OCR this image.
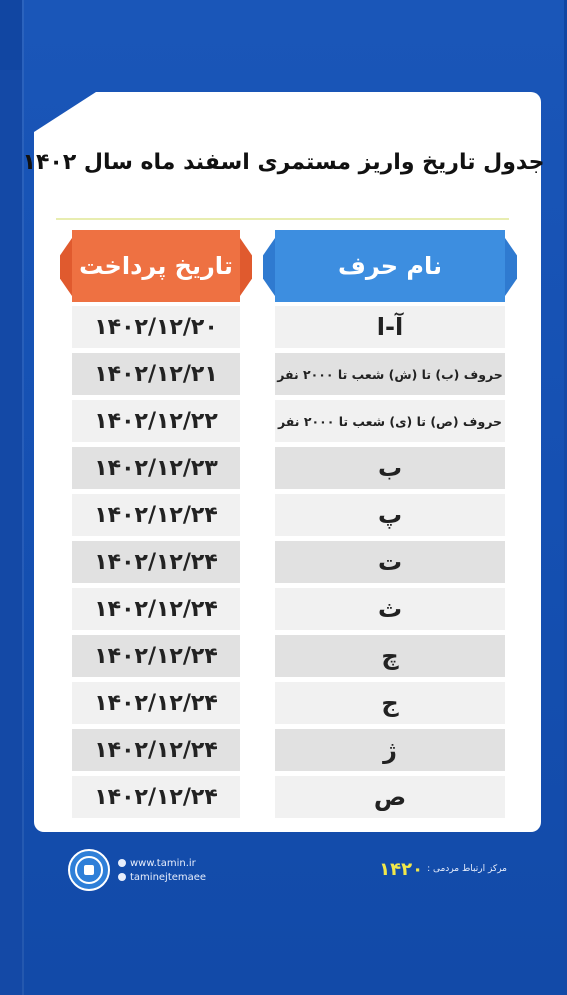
جدول تاریخ واریز مستمری اسفند ماه سال ۱۴۰۲
تاریخ پرداخت	نام حرف
۱۴۰۲/۱۲/۲۰	آ-ا
۱۴۰۲/۱۲/۲۱	حروف (ب) تا (ش) شعب تا ۲۰۰۰ نفر
۱۴۰۲/۱۲/۲۲	حروف (ص) تا (ی) شعب تا ۲۰۰۰ نفر
۱۴۰۲/۱۲/۲۳	ب
۱۴۰۲/۱۲/۲۴	پ
۱۴۰۲/۱۲/۲۴	ت
۱۴۰۲/۱۲/۲۴	ث
۱۴۰۲/۱۲/۲۴	چ
۱۴۰۲/۱۲/۲۴	ج
۱۴۰۲/۱۲/۲۴	ژ
۱۴۰۲/۱۲/۲۴	ص
www.tamin.ir
taminejtemaee
مرکز ارتباط مردمی :
۱۴۲۰
